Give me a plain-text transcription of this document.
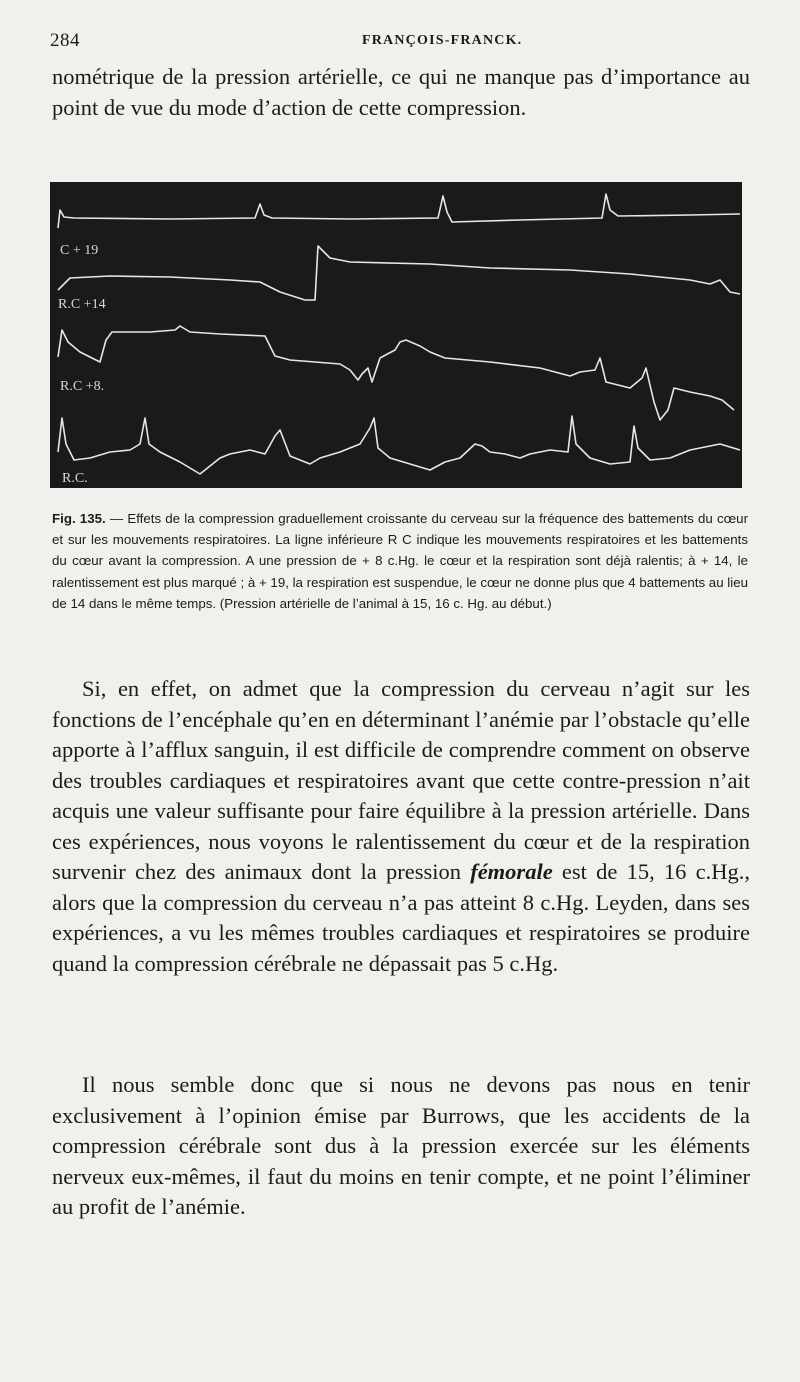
284	FRANÇOIS-FRANCK.

nométrique de la pression artérielle, ce qui ne manque pas d’importance au point de vue du mode d’action de cette compression.

C + 19
R.C +14
R.C +8.
R.C.

Fig. 135. — Effets de la compression graduellement croissante du cerveau sur la fréquence des battements du cœur et sur les mouvements respiratoires. La ligne inférieure R C indique les mouvements respiratoires et les battements du cœur avant la compression. A une pression de + 8 c.Hg. le cœur et la respiration sont déjà ralentis; à + 14, le ralentissement est plus marqué ; à + 19, la respiration est suspendue, le cœur ne donne plus que 4 battements au lieu de 14 dans le même temps. (Pression artérielle de l’animal à 15, 16 c. Hg. au début.)

Si, en effet, on admet que la compression du cerveau n’agit sur les fonctions de l’encéphale qu’en en déterminant l’anémie par l’obstacle qu’elle apporte à l’afflux sanguin, il est difficile de comprendre comment on observe des troubles cardiaques et respiratoires avant que cette contre-pression n’ait acquis une valeur suffisante pour faire équilibre à la pression artérielle. Dans ces expériences, nous voyons le ralentissement du cœur et de la respiration survenir chez des animaux dont la pression fémorale est de 15, 16 c.Hg., alors que la compression du cerveau n’a pas atteint 8 c.Hg. Leyden, dans ses expériences, a vu les mêmes troubles cardiaques et respiratoires se produire quand la compression cérébrale ne dépassait pas 5 c.Hg.

Il nous semble donc que si nous ne devons pas nous en tenir exclusivement à l’opinion émise par Burrows, que les accidents de la compression cérébrale sont dus à la pression exercée sur les éléments nerveux eux-mêmes, il faut du moins en tenir compte, et ne point l’éliminer au profit de l’anémie.
